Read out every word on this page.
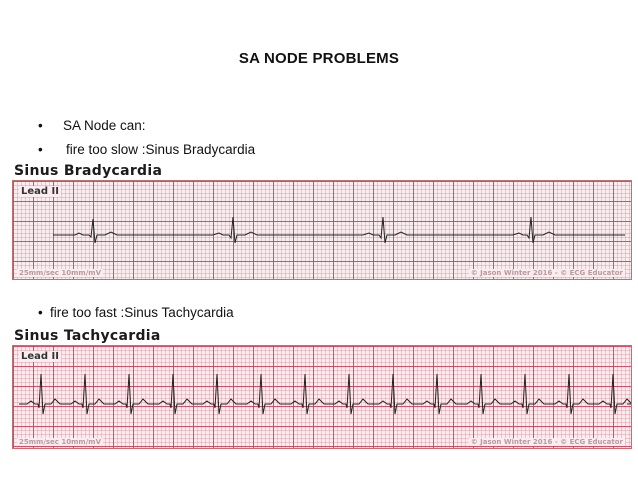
SA NODE PROBLEMS
• SA Node can:
• fire too slow :Sinus Bradycardia
Sinus Bradycardia
Lead II
25mm/sec 10mm/mV	© Jason Winter 2016 - © ECG Educator
• fire too fast :Sinus Tachycardia
Sinus Tachycardia
Lead II
25mm/sec 10mm/mV	© Jason Winter 2016 - © ECG Educator
